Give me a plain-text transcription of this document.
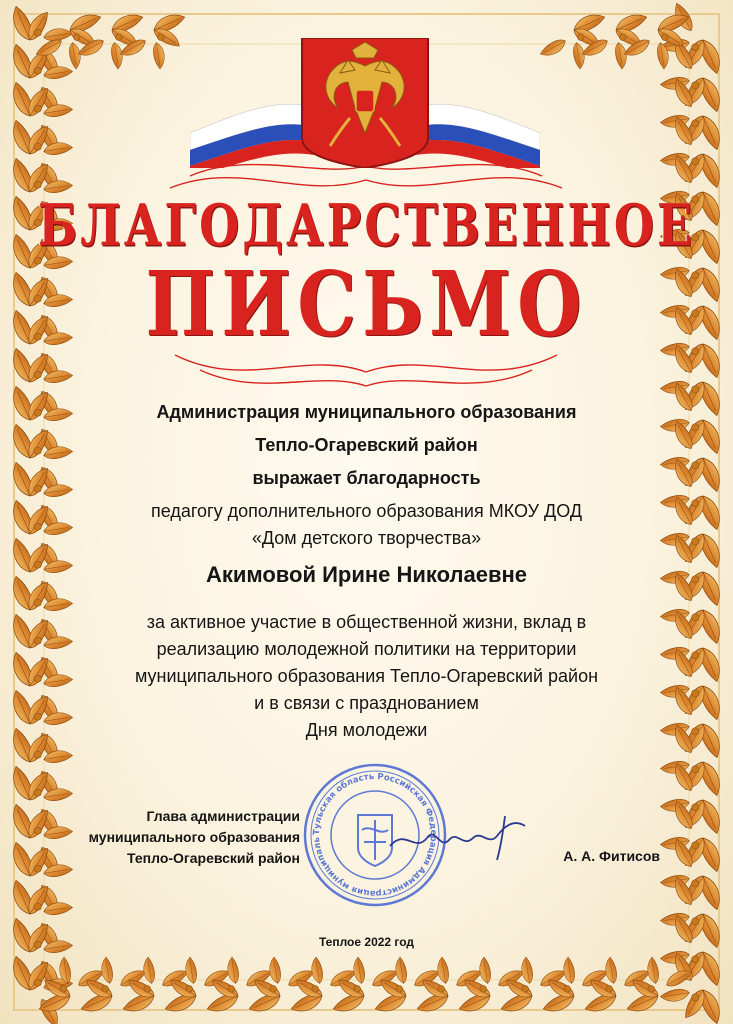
БЛАГОДАРСТВЕННОЕ
ПИСЬМО

Администрация муниципального образования

Тепло-Огаревский район

выражает благодарность

педагогу дополнительного образования МКОУ ДОД

«Дом детского творчества»

Акимовой Ирине Николаевне

за активное участие в общественной жизни, вклад в

реализацию молодежной политики на территории

муниципального образования Тепло-Огаревский район

и в связи с празднованием

Дня молодежи

Тульская область Российская Федерация Администрация муниципаль

Глава администрации

муниципального образования

Тепло-Огаревский район	А. А. Фитисов

Теплое 2022 год
